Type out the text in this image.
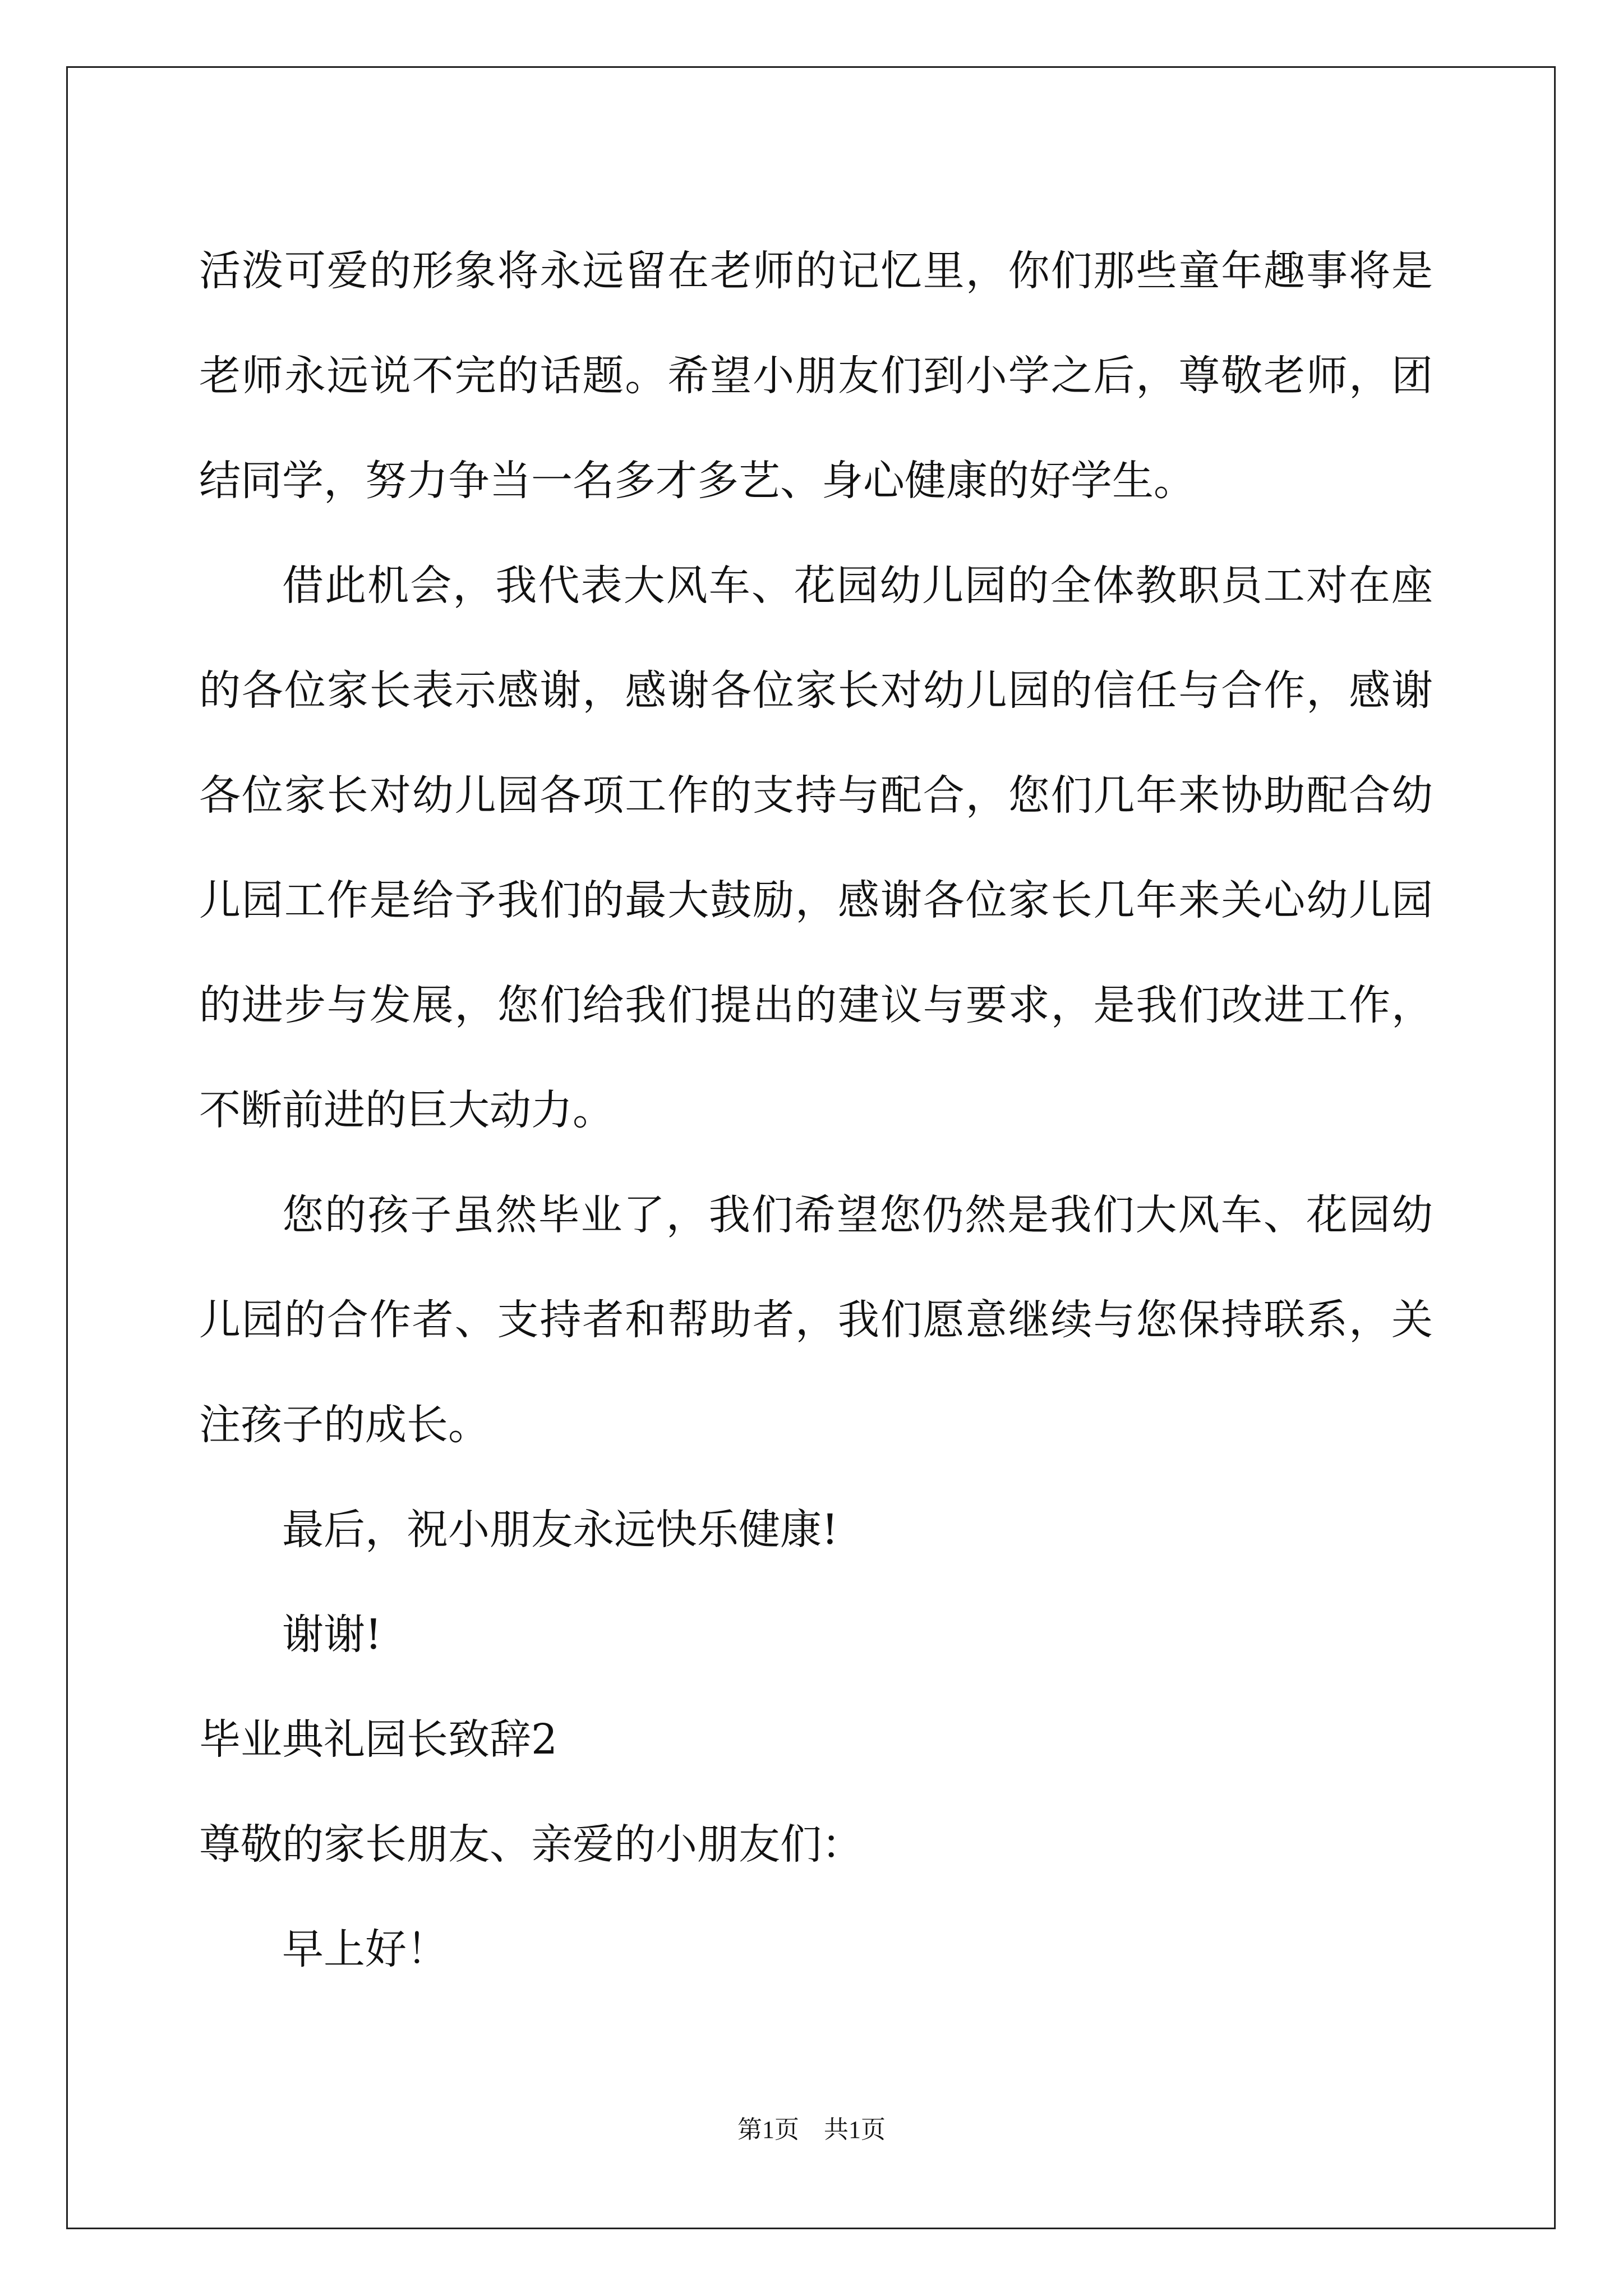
活泼可爱的形象将永远留在老师的记忆里，你们那些童年趣事将是老师永远说不完的话题。希望小朋友们到小学之后，尊敬老师，团结同学，努力争当一名多才多艺、身心健康的好学生。

借此机会，我代表大风车、花园幼儿园的全体教职员工对在座的各位家长表示感谢，感谢各位家长对幼儿园的信任与合作，感谢各位家长对幼儿园各项工作的支持与配合，您们几年来协助配合幼儿园工作是给予我们的最大鼓励，感谢各位家长几年来关心幼儿园的进步与发展，您们给我们提出的建议与要求，是我们改进工作，不断前进的巨大动力。

您的孩子虽然毕业了，我们希望您仍然是我们大风车、花园幼儿园的合作者、支持者和帮助者，我们愿意继续与您保持联系，关注孩子的成长。

最后，祝小朋友永远快乐健康!

谢谢!

毕业典礼园长致辞2

尊敬的家长朋友、亲爱的小朋友们：

早上好！

第1页　共1页
